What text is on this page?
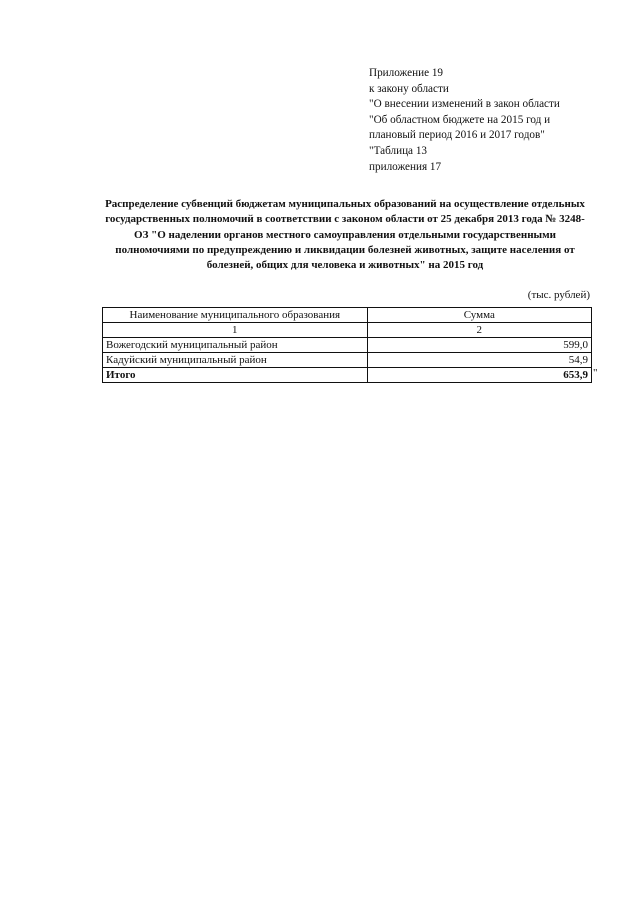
Приложение 19
к закону области
"О внесении изменений в закон области
"Об областном бюджете на 2015 год и
плановый период 2016 и 2017 годов"
"Таблица 13
приложения 17
Распределение субвенций бюджетам муниципальных образований на осуществление отдельных государственных полномочий в соответствии с законом области от 25 декабря 2013 года № 3248-ОЗ "О наделении органов местного самоуправления отдельными государственными полномочиями по предупреждению и ликвидации болезней животных, защите населения от болезней, общих для человека и животных" на 2015 год
(тыс. рублей)
Наименование муниципального образования	Сумма
1	2
Вожегодский муниципальный район	599,0
Кадуйский муниципальный район	54,9
Итого	653,9 "
